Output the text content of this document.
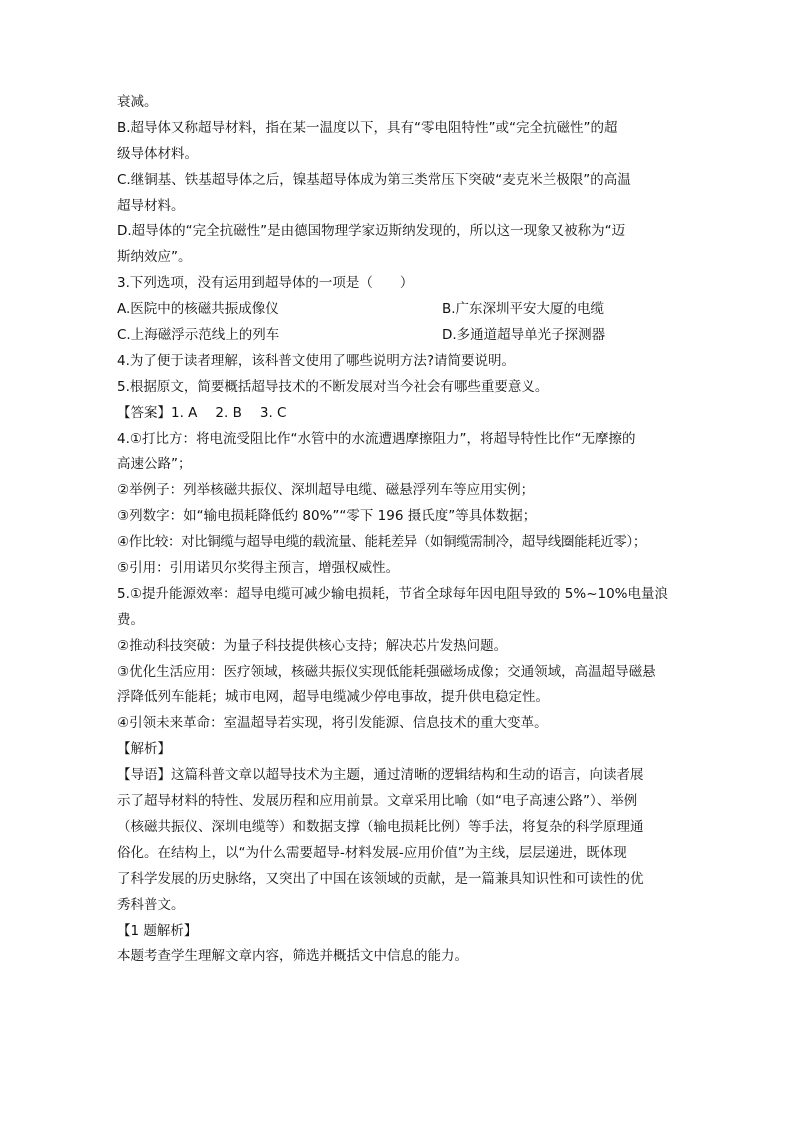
衰减。
B.超导体又称超导材料，指在某一温度以下，具有“零电阻特性”或“完全抗磁性”的超
级导体材料。
C.继铜基、铁基超导体之后，镍基超导体成为第三类常压下突破“麦克米兰极限”的高温
超导材料。
D.超导体的“完全抗磁性”是由德国物理学家迈斯纳发现的，所以这一现象又被称为“迈
斯纳效应”。
3.下列选项，没有运用到超导体的一项是（　　）
A.医院中的核磁共振成像仪	B.广东深圳平安大厦的电缆
C.上海磁浮示范线上的列车	D.多通道超导单光子探测器
4.为了便于读者理解，该科普文使用了哪些说明方法?请简要说明。
5.根据原文，简要概括超导技术的不断发展对当今社会有哪些重要意义。
【答案】1. A 2. B 3. C
4.①打比方：将电流受阻比作“水管中的水流遭遇摩擦阻力”，将超导特性比作“无摩擦的
高速公路”；
②举例子：列举核磁共振仪、深圳超导电缆、磁悬浮列车等应用实例；
③列数字：如“输电损耗降低约 80%”“零下 196 摄氏度”等具体数据；
④作比较：对比铜缆与超导电缆的载流量、能耗差异（如铜缆需制冷，超导线圈能耗近零）；
⑤引用：引用诺贝尔奖得主预言，增强权威性。
5.①提升能源效率：超导电缆可减少输电损耗，节省全球每年因电阻导致的 5%~10%电量浪
费。
②推动科技突破：为量子科技提供核心支持；解决芯片发热问题。
③优化生活应用：医疗领域，核磁共振仪实现低能耗强磁场成像；交通领域，高温超导磁悬
浮降低列车能耗；城市电网，超导电缆减少停电事故，提升供电稳定性。
④引领未来革命：室温超导若实现，将引发能源、信息技术的重大变革。
【解析】
【导语】这篇科普文章以超导技术为主题，通过清晰的逻辑结构和生动的语言，向读者展
示了超导材料的特性、发展历程和应用前景。文章采用比喻（如“电子高速公路”）、举例
（核磁共振仪、深圳电缆等）和数据支撑（输电损耗比例）等手法，将复杂的科学原理通
俗化。在结构上，以“为什么需要超导-材料发展-应用价值”为主线，层层递进，既体现
了科学发展的历史脉络，又突出了中国在该领域的贡献，是一篇兼具知识性和可读性的优
秀科普文。
【1 题解析】
本题考查学生理解文章内容，筛选并概括文中信息的能力。
